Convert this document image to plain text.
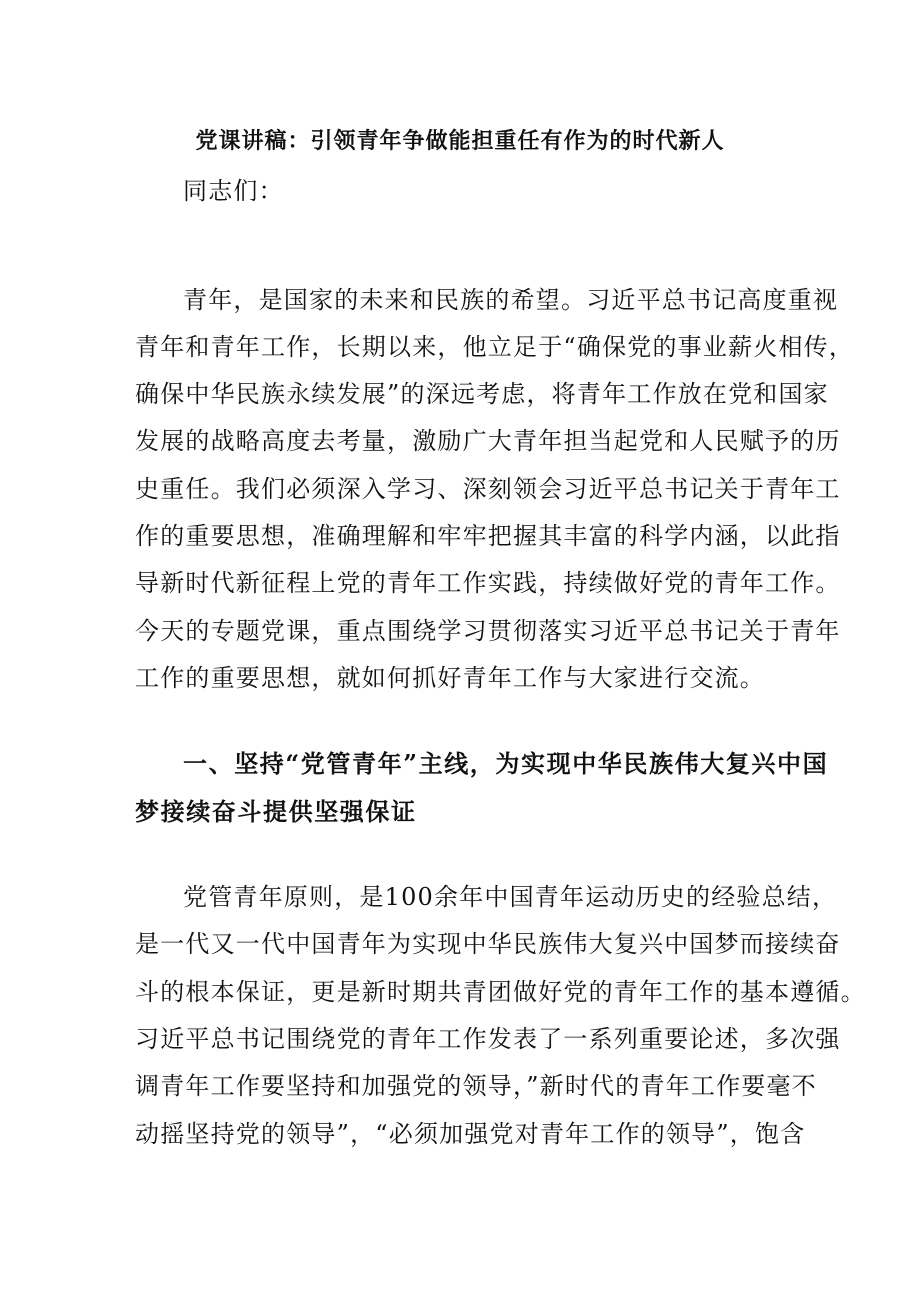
党课讲稿：引领青年争做能担重任有作为的时代新人
同志们：
青年，是国家的未来和民族的希望。习近平总书记高度重视
青年和青年工作，长期以来，他立足于“确保党的事业薪火相传，
确保中华民族永续发展”的深远考虑，将青年工作放在党和国家
发展的战略高度去考量，激励广大青年担当起党和人民赋予的历
史重任。我们必须深入学习、深刻领会习近平总书记关于青年工
作的重要思想，准确理解和牢牢把握其丰富的科学内涵，以此指
导新时代新征程上党的青年工作实践，持续做好党的青年工作。
今天的专题党课，重点围绕学习贯彻落实习近平总书记关于青年
工作的重要思想，就如何抓好青年工作与大家进行交流。
一、坚持“党管青年”主线，为实现中华民族伟大复兴中国
梦接续奋斗提供坚强保证
党管青年原则，是100余年中国青年运动历史的经验总结，
是一代又一代中国青年为实现中华民族伟大复兴中国梦而接续奋
斗的根本保证，更是新时期共青团做好党的青年工作的基本遵循。
习近平总书记围绕党的青年工作发表了一系列重要论述，多次强
调青年工作要坚持和加强党的领导，”新时代的青年工作要毫不
动摇坚持党的领导”，“必须加强党对青年工作的领导”，饱含
